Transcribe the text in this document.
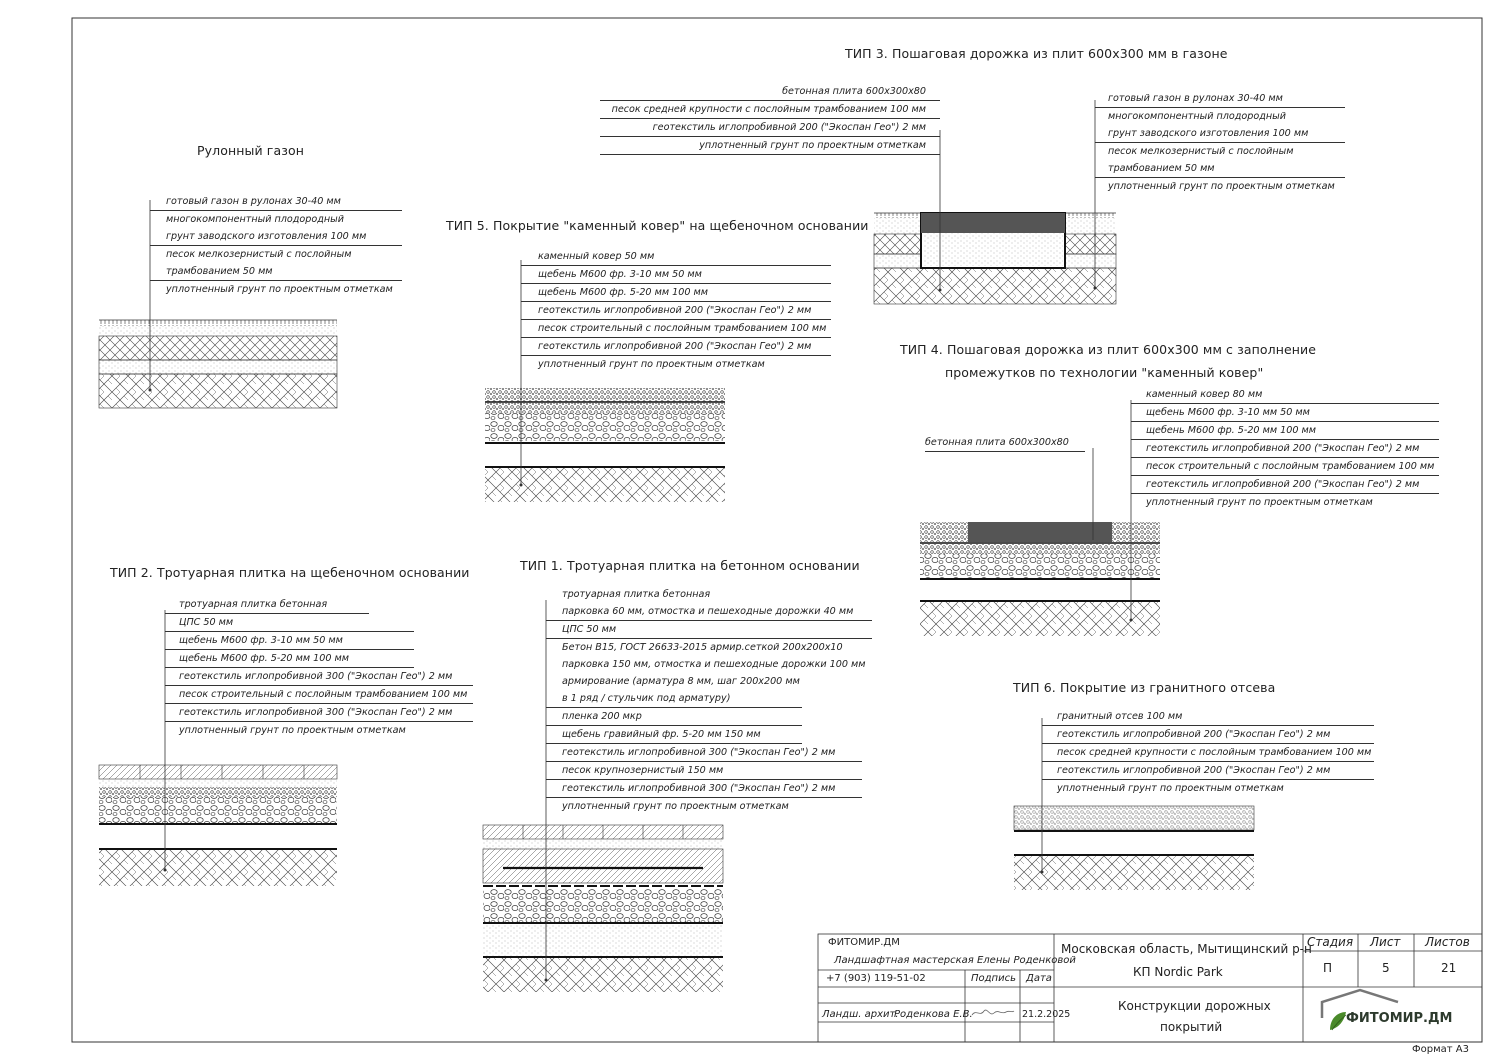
Рулонный газон
готовый газон в рулонах 30-40 мм
многокомпонентный плодородный
грунт заводского изготовления 100 мм
песок мелкозернистый с послойным
трамбованием 50 мм
уплотненный грунт по проектным отметкам
ТИП 3. Пошаговая дорожка из плит 600х300 мм в газоне
бетонная плита 600х300х80
песок средней крупности с послойным трамбованием 100 мм
геотекстиль иглопробивной 200 ("Экоспан Гео") 2 мм
уплотненный грунт по проектным отметкам
готовый газон в рулонах 30-40 мм
многокомпонентный плодородный
грунт заводского изготовления 100 мм
песок мелкозернистый с послойным
трамбованием 50 мм
уплотненный грунт по проектным отметкам
ТИП 5. Покрытие "каменный ковер" на щебеночном основании
каменный ковер 50 мм
щебень М600 фр. 3-10 мм 50 мм
щебень М600 фр. 5-20 мм 100 мм
геотекстиль иглопробивной 200 ("Экоспан Гео") 2 мм
песок строительный с послойным трамбованием 100 мм
геотекстиль иглопробивной 200 ("Экоспан Гео") 2 мм
уплотненный грунт по проектным отметкам
ТИП 4. Пошаговая дорожка из плит 600х300 мм с заполнение
промежутков по технологии "каменный ковер"
бетонная плита 600х300х80
каменный ковер 80 мм
щебень М600 фр. 3-10 мм 50 мм
щебень М600 фр. 5-20 мм 100 мм
геотекстиль иглопробивной 200 ("Экоспан Гео") 2 мм
песок строительный с послойным трамбованием 100 мм
геотекстиль иглопробивной 200 ("Экоспан Гео") 2 мм
уплотненный грунт по проектным отметкам
ТИП 2. Тротуарная плитка на щебеночном основании
тротуарная плитка бетонная
ЦПС 50 мм
щебень М600 фр. 3-10 мм 50 мм
щебень М600 фр. 5-20 мм 100 мм
геотекстиль иглопробивной 300 ("Экоспан Гео") 2 мм
песок строительный с послойным трамбованием 100 мм
геотекстиль иглопробивной 300 ("Экоспан Гео") 2 мм
уплотненный грунт по проектным отметкам
ТИП 1. Тротуарная плитка на бетонном основании
тротуарная плитка бетонная
парковка 60 мм, отмостка и пешеходные дорожки 40 мм
ЦПС 50 мм
Бетон В15, ГОСТ 26633-2015 армир.сеткой 200х200х10
парковка 150 мм, отмостка и пешеходные дорожки 100 мм
армирование (арматура 8 мм, шаг 200х200 мм
в 1 ряд / стульчик под арматуру)
пленка 200 мкр
щебень гравийный фр. 5-20 мм 150 мм
геотекстиль иглопробивной 300 ("Экоспан Гео") 2 мм
песок крупнозернистый 150 мм
геотекстиль иглопробивной 300 ("Экоспан Гео") 2 мм
уплотненный грунт по проектным отметкам
ТИП 6. Покрытие из гранитного отсева
гранитный отсев 100 мм
геотекстиль иглопробивной 200 ("Экоспан Гео") 2 мм
песок средней крупности с послойным трамбованием 100 мм
геотекстиль иглопробивной 200 ("Экоспан Гео") 2 мм
уплотненный грунт по проектным отметкам
ФИТОМИР.ДМ
Ландшафтная мастерская Елены Роденковой
+7 (903) 119-51-02	Подпись Дата
Ландш. архит.
Роденкова Е.В.	21.2.2025
Московская область, Мытищинский р-н
КП Nordic Park
Конструкции дорожных
покрытий
Стадия Лист Листов
П	5	21
ФИТОМИР.ДМ
Формат А3
